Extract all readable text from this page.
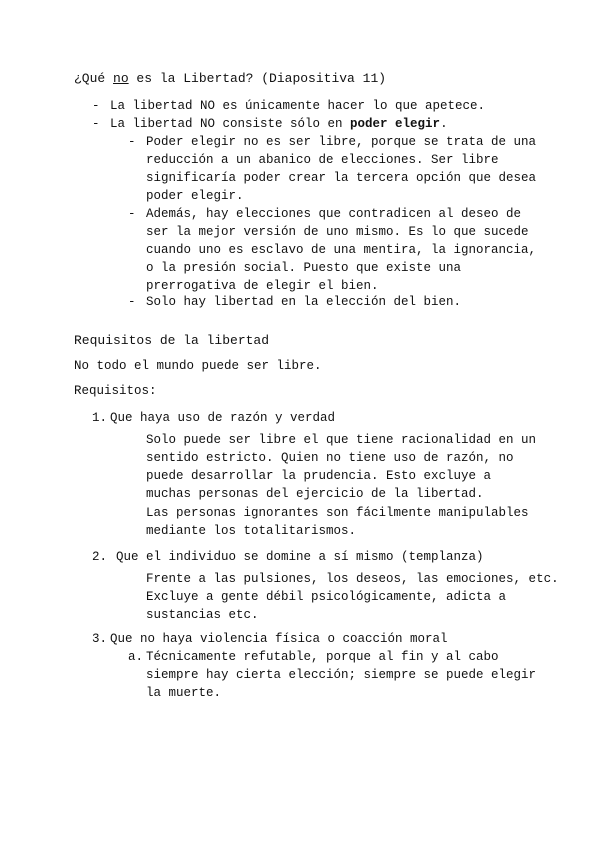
¿Qué no es la Libertad? (Diapositiva 11)
- La libertad NO es únicamente hacer lo que apetece.
- La libertad NO consiste sólo en poder elegir.
- Poder elegir no es ser libre, porque se trata de una
reducción a un abanico de elecciones. Ser libre
significaría poder crear la tercera opción que desea
poder elegir.
- Además, hay elecciones que contradicen al deseo de
ser la mejor versión de uno mismo. Es lo que sucede
cuando uno es esclavo de una mentira, la ignorancia,
o la presión social. Puesto que existe una
prerrogativa de elegir el bien.
- Solo hay libertad en la elección del bien.
Requisitos de la libertad
No todo el mundo puede ser libre.
Requisitos:
1. Que haya uso de razón y verdad
Solo puede ser libre el que tiene racionalidad en un
sentido estricto. Quien no tiene uso de razón, no
puede desarrollar la prudencia. Esto excluye a
muchas personas del ejercicio de la libertad.
Las personas ignorantes son fácilmente manipulables
mediante los totalitarismos.
2. Que el individuo se domine a sí mismo (templanza)
Frente a las pulsiones, los deseos, las emociones, etc.
Excluye a gente débil psicológicamente, adicta a
sustancias etc.
3. Que no haya violencia física o coacción moral
a. Técnicamente refutable, porque al fin y al cabo
siempre hay cierta elección; siempre se puede elegir
la muerte.
